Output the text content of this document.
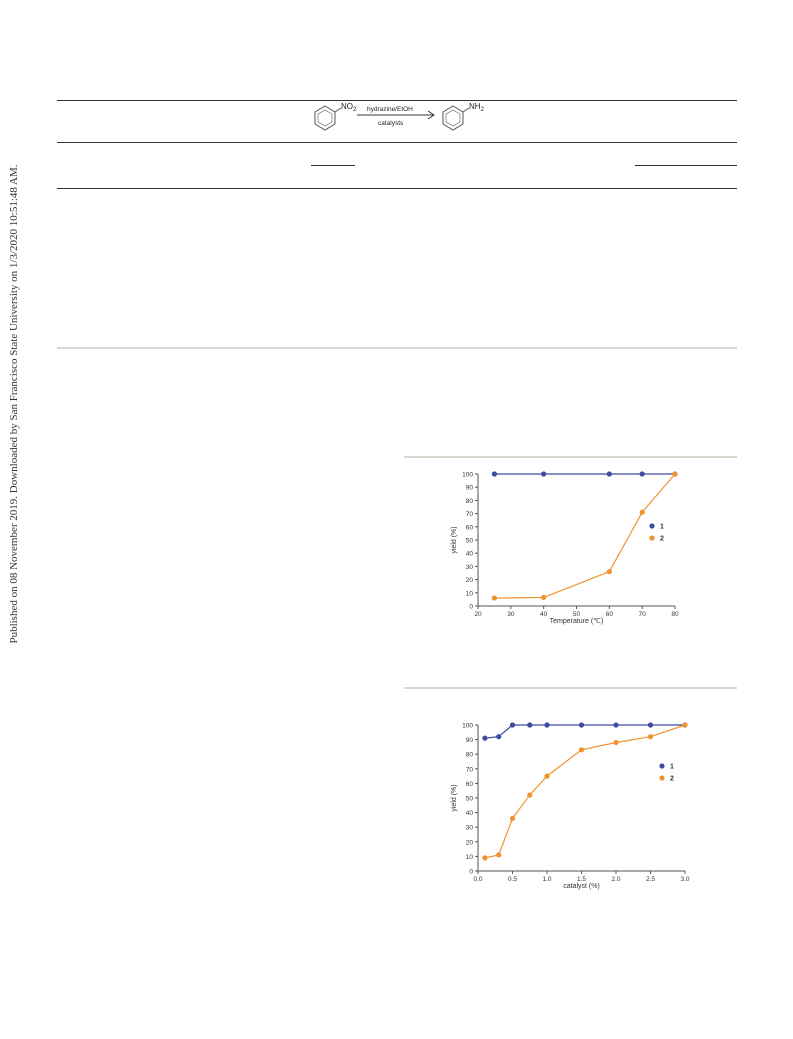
Published on 08 November 2019. Downloaded by San Francisco State University on 1/3/2020 10:51:48 AM.
$NO_2$ hydrazine/EtOH
catalysts
$NH_2$
0
10
20
30
40
50
60
70
80
90
100
20	30	40	50	60	70	80
Temperature (℃)
yield (%)	1
2
0
10
20
30
40
50
60
70
80
90
100
0.0	0.5	1.0	1.5	2.0	2.5	3.0
catalyst (%)
yield (%)
1
2
